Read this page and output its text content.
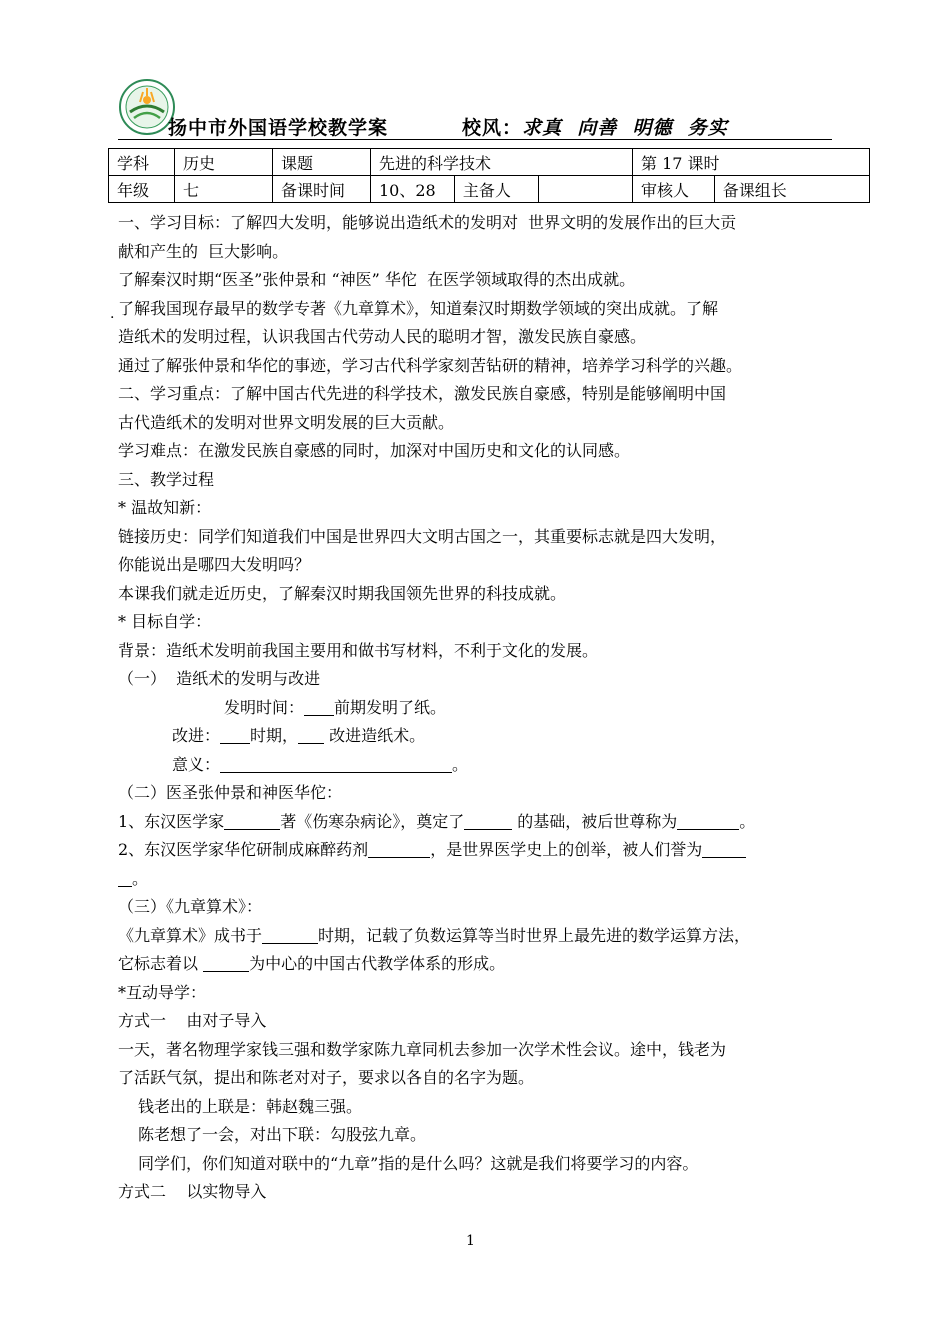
扬中市外国语学校教学案	校风：求真  向善  明德  务实
学科	历史	课题	先进的科学技术			第 17 课时	
年级	七	备课时间	10、28	主备人		审核人	备课组长
.
一、学习目标：了解四大发明，能够说出造纸术的发明对  世界文明的发展作出的巨大贡
献和产生的  巨大影响。
了解秦汉时期“医圣”张仲景和 “神医” 华佗  在医学领域取得的杰出成就。
了解我国现存最早的数学专著《九章算术》，知道秦汉时期数学领域的突出成就。了解
造纸术的发明过程，认识我国古代劳动人民的聪明才智，激发民族自豪感。
通过了解张仲景和华佗的事迹，学习古代科学家刻苦钻研的精神，培养学习科学的兴趣。
二、学习重点：了解中国古代先进的科学技术，激发民族自豪感，特别是能够阐明中国
古代造纸术的发明对世界文明发展的巨大贡献。
学习难点：在激发民族自豪感的同时，加深对中国历史和文化的认同感。
三、教学过程
* 温故知新：
链接历史：同学们知道我们中国是世界四大文明古国之一，其重要标志就是四大发明，
你能说出是哪四大发明吗？
本课我们就走近历史，了解秦汉时期我国领先世界的科技成就。
* 目标自学：
背景：造纸术发明前我国主要用和做书写材料，不利于文化的发展。
（一）  造纸术的发明与改进
发明时间： 前期发明了纸。
改进： 时期， 改进造纸术。
意义：	。
（二）医圣张仲景和神医华佗：
1、东汉医学家	著《伤寒杂病论》，奠定了	的基础，被后世尊称为	。
2、东汉医学家华佗研制成麻醉药剂	，是世界医学史上的创举，被人们誉为
。
（三）《九章算术》：
《九章算术》成书于	时期，记载了负数运算等当时世界上最先进的数学运算方法，
它标志着以	为中心的中国古代教学体系的形成。
*互动导学：
方式一    由对子导入
一天，著名物理学家钱三强和数学家陈九章同机去参加一次学术性会议。途中，钱老为
了活跃气氛，提出和陈老对对子，要求以各自的名字为题。
钱老出的上联是：韩赵魏三强。
陈老想了一会，对出下联：勾股弦九章。
同学们，你们知道对联中的“九章”指的是什么吗？这就是我们将要学习的内容。
方式二    以实物导入
1
